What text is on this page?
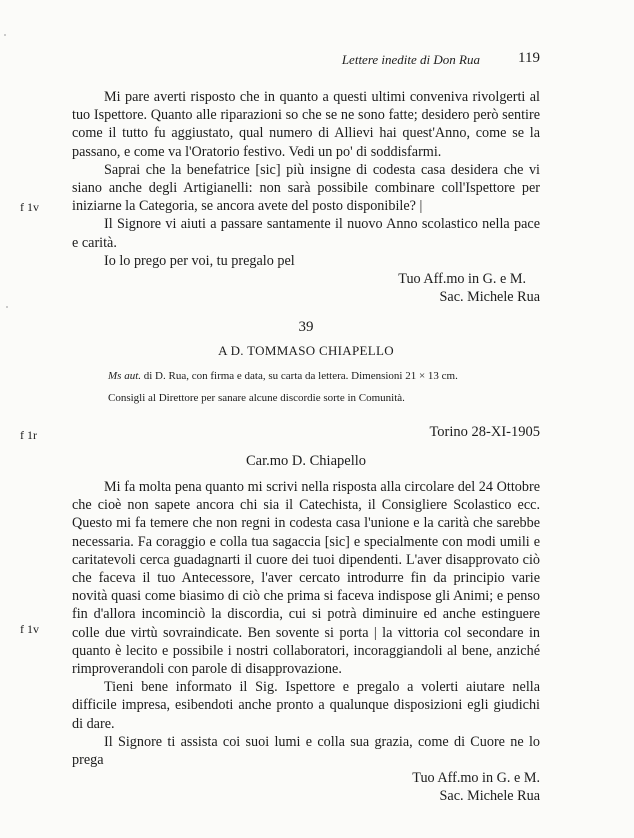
Lettere inedite di Don Rua	119

Mi pare averti risposto che in quanto a questi ultimi conveniva rivolgerti al tuo Ispettore. Quanto alle riparazioni so che se ne sono fatte; desidero però sentire come il tutto fu aggiustato, qual numero di Allievi hai quest'Anno, come se la passano, e come va l'Oratorio festivo. Vedi un po' di soddisfarmi.

Saprai che la benefatrice [sic] più insigne di codesta casa desidera che vi siano anche degli Artigianelli: non sarà possibile combinare coll'Ispettore per iniziarne la Categoria, se ancora avete del posto disponibile? |

Il Signore vi aiuti a passare santamente il nuovo Anno scolastico nella pace e carità.

Io lo prego per voi, tu pregalo pel

Tuo Aff.mo in G. e M.

Sac. Michele Rua

f 1v

39

A D. TOMMASO CHIAPELLO

Ms aut. di D. Rua, con firma e data, su carta da lettera. Dimensioni 21 × 13 cm.

Consigli al Direttore per sanare alcune discordie sorte in Comunità.

f 1r	Torino 28-XI-1905

Car.mo D. Chiapello

Mi fa molta pena quanto mi scrivi nella risposta alla circolare del 24 Ottobre che cioè non sapete ancora chi sia il Catechista, il Consigliere Scolastico ecc. Questo mi fa temere che non regni in codesta casa l'unione e la carità che sarebbe necessaria. Fa coraggio e colla tua sagaccia [sic] e specialmente con modi umili e caritatevoli cerca guadagnarti il cuore dei tuoi dipendenti. L'aver disapprovato ciò che faceva il tuo Antecessore, l'aver cercato introdurre fin da principio varie novità quasi come biasimo di ciò che prima si faceva indispose gli Animi; e penso fin d'allora incominciò la discordia, cui si potrà diminuire ed anche estinguere colle due virtù sovraindicate. Ben sovente si porta | la vittoria col secondare in quanto è lecito e possibile i nostri collaboratori, incoraggiandoli al bene, anziché rimproverandoli con parole di disapprovazione.

Tieni bene informato il Sig. Ispettore e pregalo a volerti aiutare nella difficile impresa, esibendoti anche pronto a qualunque disposizioni egli giudichi di dare.

Il Signore ti assista coi suoi lumi e colla sua grazia, come di Cuore ne lo prega

Tuo Aff.mo in G. e M.

Sac. Michele Rua

f 1v
